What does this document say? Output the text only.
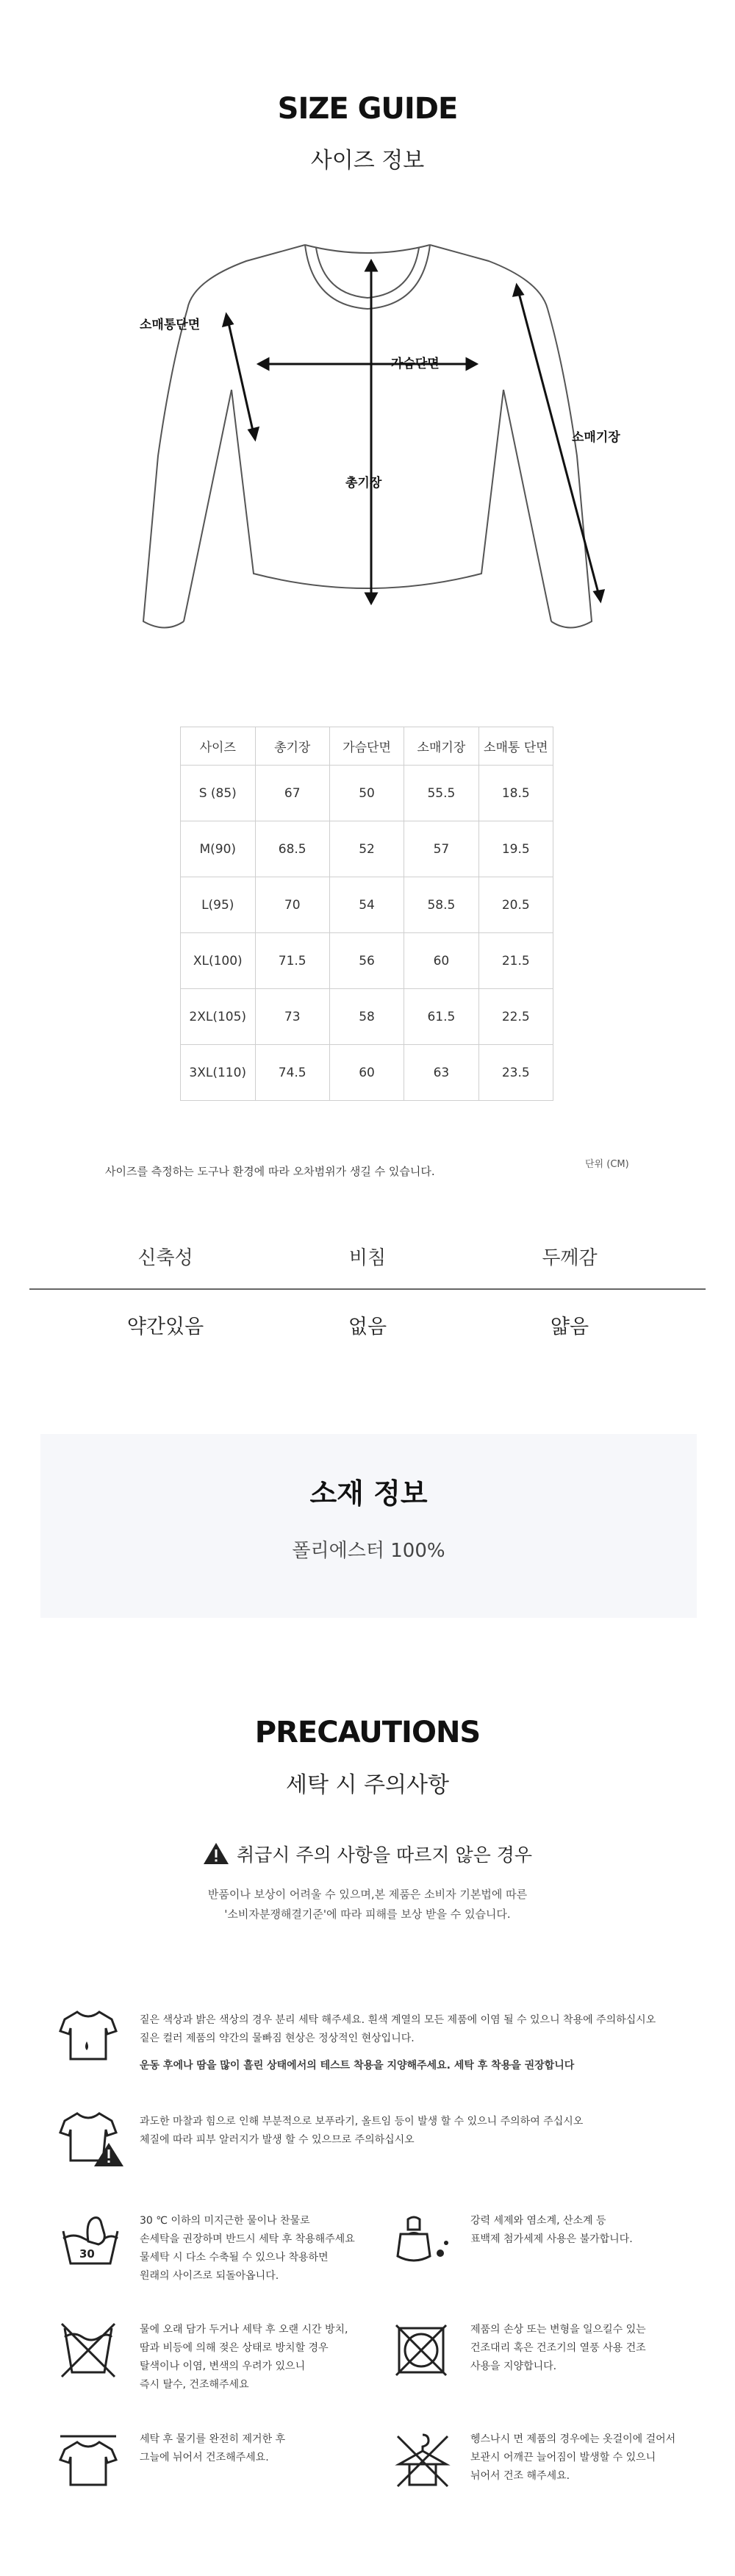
SIZE GUIDE
사이즈 정보
소매통단면
가슴단면
총기장
소매기장
사이즈	총기장	가슴단면	소매기장	소매통 단면
S (85)	67	50	55.5	18.5
M(90)	68.5	52	57	19.5
L(95)	70	54	58.5	20.5
XL(100)	71.5	56	60	21.5
2XL(105)	73	58	61.5	22.5
3XL(110)	74.5	60	63	23.5
사이즈를 측정하는 도구나 환경에 따라 오차범위가 생길 수 있습니다.
단위 (CM)
신축성	비침	두께감
약간있음	없음	얇음
소재 정보
폴리에스터 100%
PRECAUTIONS
세탁 시 주의사항
취급시 주의 사항을 따르지 않은 경우
반품이나 보상이 어려울 수 있으며,본 제품은 소비자 기본법에 따른
'소비자분쟁해결기준'에 따라 피해를 보상 받을 수 있습니다.
짙은 색상과 밝은 색상의 경우 분리 세탁 해주세요. 흰색 계열의 모든 제품에 이염 될 수 있으니 착용에 주의하십시오
짙은 컬러 제품의 약간의 물빠짐 현상은 정상적인 현상입니다.
운동 후에나 땀을 많이 흘린 상태에서의 테스트 착용을 지양해주세요. 세탁 후 착용을 권장합니다
과도한 마찰과 힘으로 인해 부분적으로 보푸라기, 올트임 등이 발생 할 수 있으니 주의하여 주십시오
체질에 따라 피부 알러지가 발생 할 수 있으므로 주의하십시오
30
30 ℃ 이하의 미지근한 물이나 찬물로
손세탁을 권장하며 반드시 세탁 후 착용해주세요
물세탁 시 다소 수축될 수 있으나 착용하면
원래의 사이즈로 되돌아옵니다.
강력 세제와 염소계, 산소계 등
표백제 첨가세제 사용은 불가합니다.
물에 오래 담가 두거나 세탁 후 오랜 시간 방치,
땀과 비등에 의해 젖은 상태로 방치할 경우
탈색이나 이염, 변색의 우려가 있으니
즉시 탈수, 건조해주세요
제품의 손상 또는 변형을 일으킬수 있는
건조대리 혹은 건조기의 열풍 사용 건조
사용을 지양합니다.
세탁 후 물기를 완전히 제거한 후
그늘에 뉘어서 건조해주세요.
헹스나시 면 제품의 경우에는 옷걸이에 걸어서
보관시 어깨끈 늘어짐이 발생할 수 있으니
뉘어서 건조 해주세요.
